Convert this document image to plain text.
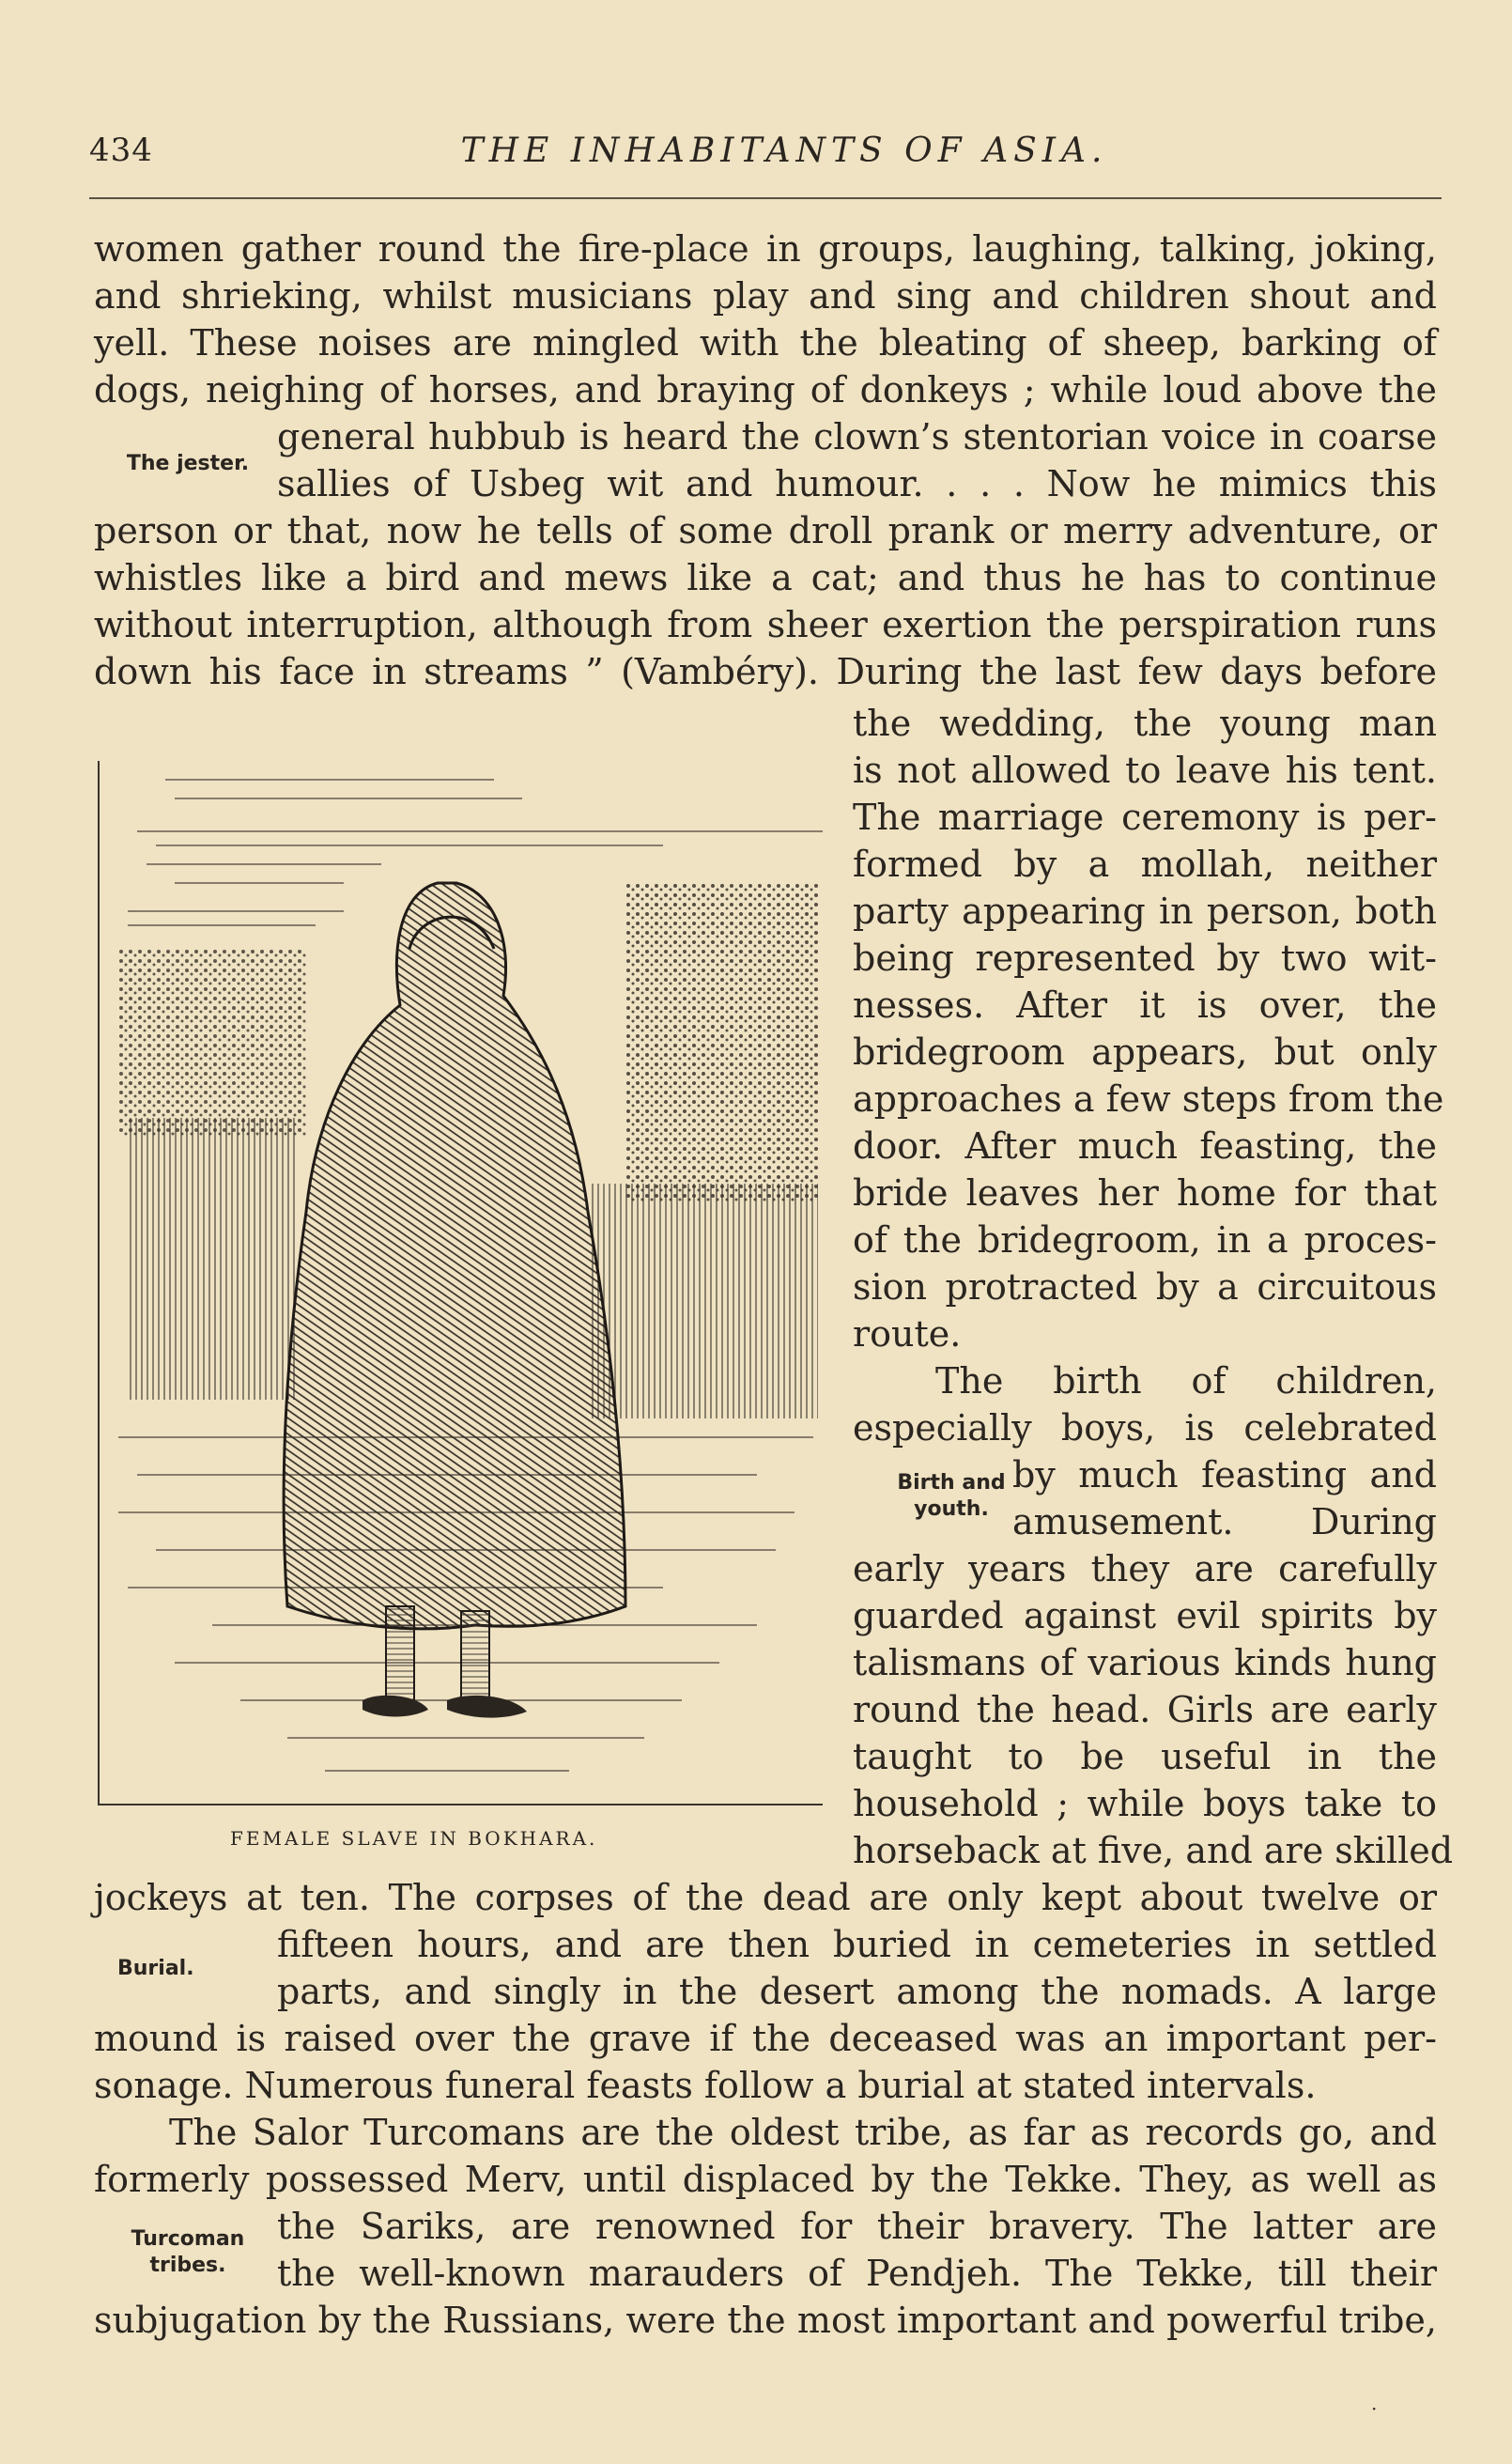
434	THE INHABITANTS OF ASIA.
women gather round the fire-place in groups, laughing, talking, joking,
and shrieking, whilst musicians play and sing and children shout and
yell. These noises are mingled with the bleating of sheep, barking of
dogs, neighing of horses, and braying of donkeys ; while loud above the
general hubbub is heard the clown’s stentorian voice in coarse
sallies of Usbeg wit and humour. . . . Now he mimics this
person or that, now he tells of some droll prank or merry adventure, or
whistles like a bird and mews like a cat; and thus he has to continue
without interruption, although from sheer exertion the perspiration runs
down his face in streams ” (Vambéry). During the last few days before
The jester.
the wedding, the young man
is not allowed to leave his tent.
The marriage ceremony is per-
formed by a mollah, neither
party appearing in person, both
being represented by two wit-
nesses. After it is over, the
bridegroom appears, but only
approaches a few steps from the
door. After much feasting, the
bride leaves her home for that
of the bridegroom, in a proces-
sion protracted by a circuitous
route.
The birth of children,
especially boys, is celebrated
by much feasting and
amusement. During
early years they are carefully
guarded against evil spirits by
talismans of various kinds hung
round the head. Girls are early
taught to be useful in the
household ; while boys take to
horseback at five, and are skilled
Birth and
youth.
FEMALE SLAVE IN BOKHARA.
jockeys at ten. The corpses of the dead are only kept about twelve or
fifteen hours, and are then buried in cemeteries in settled
parts, and singly in the desert among the nomads. A large
mound is raised over the grave if the deceased was an important per-
sonage. Numerous funeral feasts follow a burial at stated intervals.
The Salor Turcomans are the oldest tribe, as far as records go, and
formerly possessed Merv, until displaced by the Tekke. They, as well as
the Sariks, are renowned for their bravery. The latter are
the well-known marauders of Pendjeh. The Tekke, till their
subjugation by the Russians, were the most important and powerful tribe,
Burial.
Turcoman
tribes.
·
